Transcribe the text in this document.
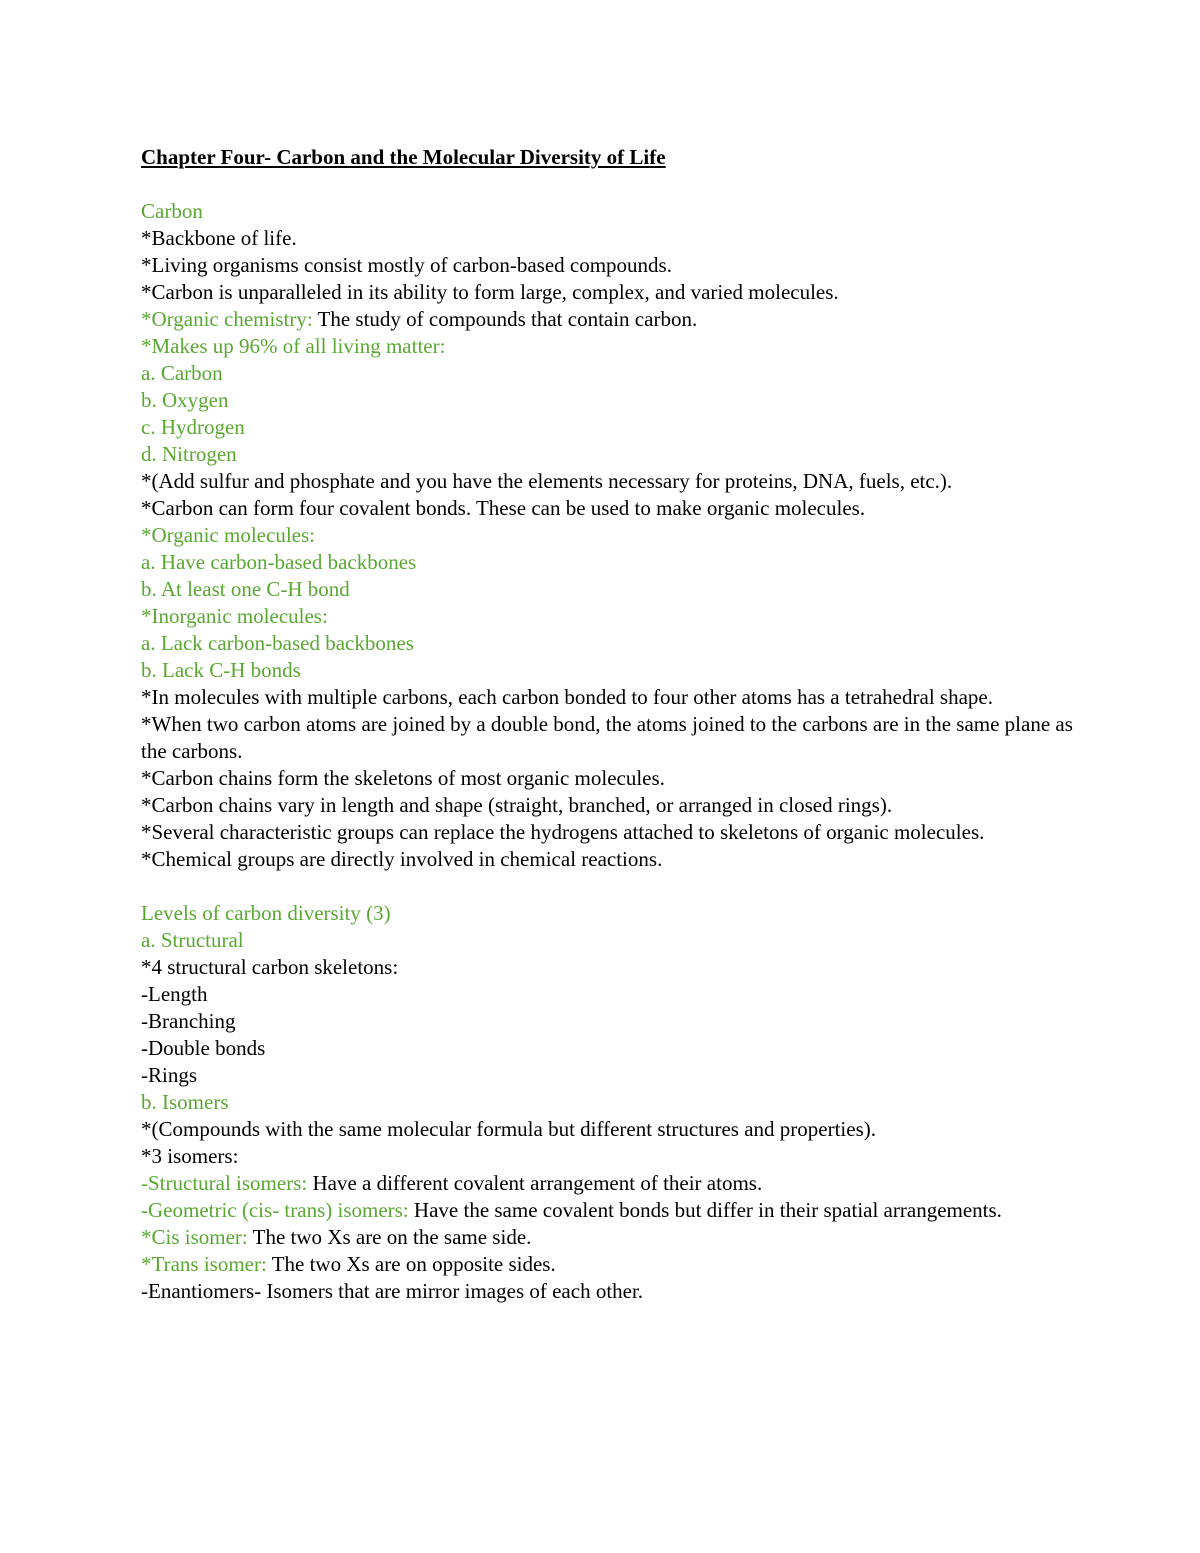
Chapter Four- Carbon and the Molecular Diversity of Life
Carbon
*Backbone of life.
*Living organisms consist mostly of carbon-based compounds.
*Carbon is unparalleled in its ability to form large, complex, and varied molecules.
*Organic chemistry: The study of compounds that contain carbon.
*Makes up 96% of all living matter:
a. Carbon
b. Oxygen
c. Hydrogen
d. Nitrogen
*(Add sulfur and phosphate and you have the elements necessary for proteins, DNA, fuels, etc.).
*Carbon can form four covalent bonds. These can be used to make organic molecules.
*Organic molecules:
a. Have carbon-based backbones
b. At least one C-H bond
*Inorganic molecules:
a. Lack carbon-based backbones
b. Lack C-H bonds
*In molecules with multiple carbons, each carbon bonded to four other atoms has a tetrahedral shape.
*When two carbon atoms are joined by a double bond, the atoms joined to the carbons are in the same plane as the carbons.
*Carbon chains form the skeletons of most organic molecules.
*Carbon chains vary in length and shape (straight, branched, or arranged in closed rings).
*Several characteristic groups can replace the hydrogens attached to skeletons of organic molecules.
*Chemical groups are directly involved in chemical reactions.
Levels of carbon diversity (3)
a. Structural
*4 structural carbon skeletons:
-Length
-Branching
-Double bonds
-Rings
b. Isomers
*(Compounds with the same molecular formula but different structures and properties).
*3 isomers:
-Structural isomers: Have a different covalent arrangement of their atoms.
-Geometric (cis- trans) isomers: Have the same covalent bonds but differ in their spatial arrangements.
*Cis isomer: The two Xs are on the same side.
*Trans isomer: The two Xs are on opposite sides.
-Enantiomers- Isomers that are mirror images of each other.
